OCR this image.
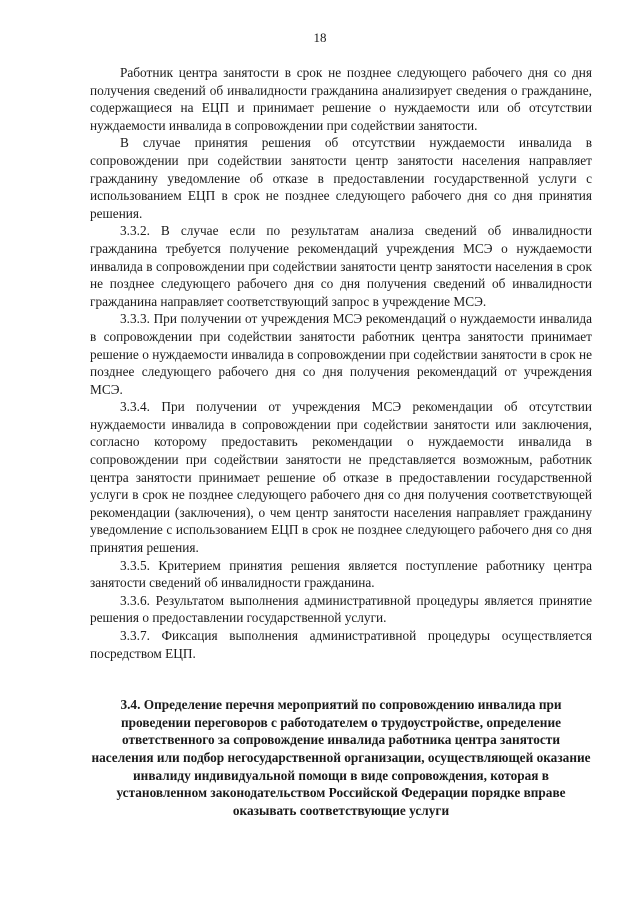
18

Работник центра занятости в срок не позднее следующего рабочего дня со дня получения сведений об инвалидности гражданина анализирует сведения о гражданине, содержащиеся на ЕЦП и принимает решение о нуждаемости или об отсутствии нуждаемости инвалида в сопровождении при содействии занятости.

В случае принятия решения об отсутствии нуждаемости инвалида в сопровождении при содействии занятости центр занятости населения направляет гражданину уведомление об отказе в предоставлении государственной услуги с использованием ЕЦП в срок не позднее следующего рабочего дня со дня принятия решения.

3.3.2. В случае если по результатам анализа сведений об инвалидности гражданина требуется получение рекомендаций учреждения МСЭ о нуждаемости инвалида в сопровождении при содействии занятости центр занятости населения в срок не позднее следующего рабочего дня со дня получения сведений об инвалидности гражданина направляет соответствующий запрос в учреждение МСЭ.

3.3.3. При получении от учреждения МСЭ рекомендаций о нуждаемости инвалида в сопровождении при содействии занятости работник центра занятости принимает решение о нуждаемости инвалида в сопровождении при содействии занятости в срок не позднее следующего рабочего дня со дня получения рекомендаций от учреждения МСЭ.

3.3.4. При получении от учреждения МСЭ рекомендации об отсутствии нуждаемости инвалида в сопровождении при содействии занятости или заключения, согласно которому предоставить рекомендации о нуждаемости инвалида в сопровождении при содействии занятости не представляется возможным, работник центра занятости принимает решение об отказе в предоставлении государственной услуги в срок не позднее следующего рабочего дня со дня получения соответствующей рекомендации (заключения), о чем центр занятости населения направляет гражданину уведомление с использованием ЕЦП в срок не позднее следующего рабочего дня со дня принятия решения.

3.3.5. Критерием принятия решения является поступление работнику центра занятости сведений об инвалидности гражданина.

3.3.6. Результатом выполнения административной процедуры является принятие решения о предоставлении государственной услуги.

3.3.7. Фиксация выполнения административной процедуры осуществляется посредством ЕЦП.

3.4. Определение перечня мероприятий по сопровождению инвалида при проведении переговоров с работодателем о трудоустройстве, определение ответственного за сопровождение инвалида работника центра занятости населения или подбор негосударственной организации, осуществляющей оказание инвалиду индивидуальной помощи в виде сопровождения, которая в установленном законодательством Российской Федерации порядке вправе оказывать соответствующие услуги
